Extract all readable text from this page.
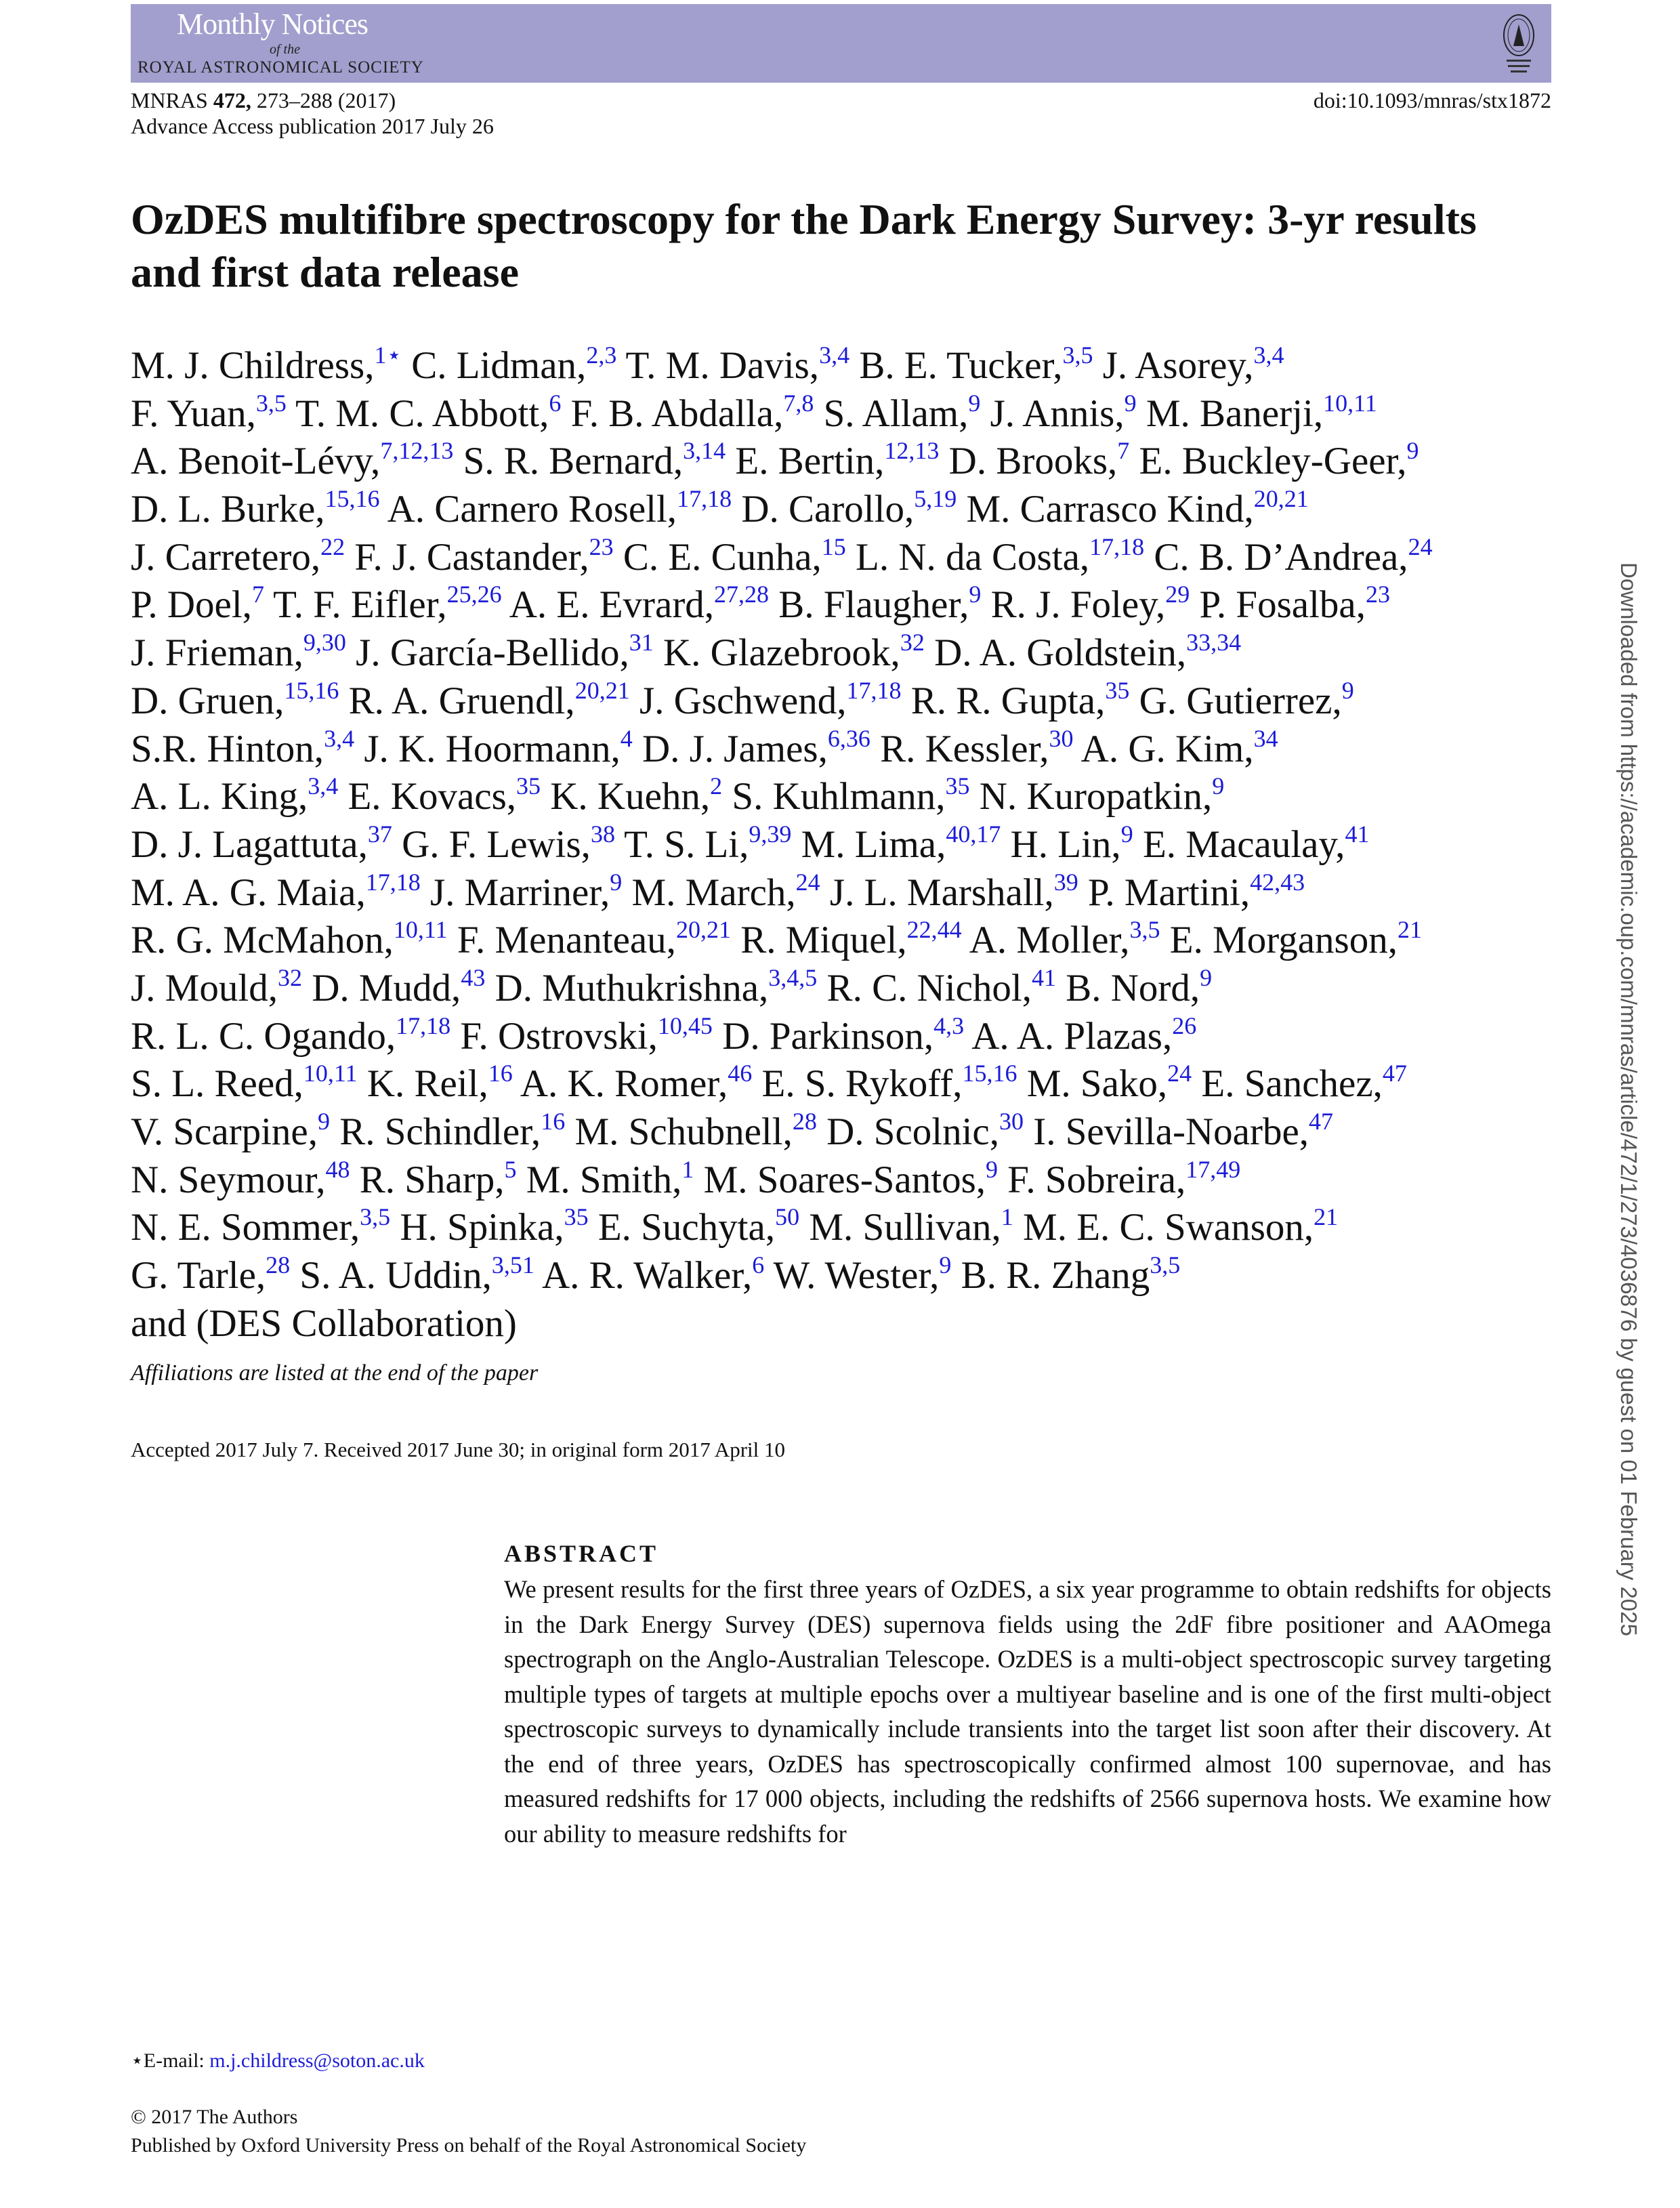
Monthly Notices
of the
ROYAL ASTRONOMICAL SOCIETY
MNRAS 472, 273–288 (2017)	doi:10.1093/mnras/stx1872
Advance Access publication 2017 July 26
OzDES multifibre spectroscopy for the Dark Energy Survey: 3-yr results and first data release
M. J. Childress,$^{1⋆}$ C. Lidman,$^{2,3}$ T. M. Davis,$^{3,4}$ B. E. Tucker,$^{3,5}$ J. Asorey,$^{3,4}$
F. Yuan,$^{3,5}$ T. M. C. Abbott,$^6$ F. B. Abdalla,$^{7,8}$ S. Allam,$^9$ J. Annis,$^9$ M. Banerji,$^{10,11}$
A. Benoit-Lévy,$^{7,12,13}$ S. R. Bernard,$^{3,14}$ E. Bertin,$^{12,13}$ D. Brooks,$^7$ E. Buckley-Geer,$^9$
D. L. Burke,$^{15,16}$ A. Carnero Rosell,$^{17,18}$ D. Carollo,$^{5,19}$ M. Carrasco Kind,$^{20,21}$
J. Carretero,$^{22}$ F. J. Castander,$^{23}$ C. E. Cunha,$^{15}$ L. N. da Costa,$^{17,18}$ C. B. D’Andrea,$^{24}$
P. Doel,$^7$ T. F. Eifler,$^{25,26}$ A. E. Evrard,$^{27,28}$ B. Flaugher,$^9$ R. J. Foley,$^{29}$ P. Fosalba,$^{23}$
J. Frieman,$^{9,30}$ J. García-Bellido,$^{31}$ K. Glazebrook,$^{32}$ D. A. Goldstein,$^{33,34}$
D. Gruen,$^{15,16}$ R. A. Gruendl,$^{20,21}$ J. Gschwend,$^{17,18}$ R. R. Gupta,$^{35}$ G. Gutierrez,$^9$
S.R. Hinton,$^{3,4}$ J. K. Hoormann,$^4$ D. J. James,$^{6,36}$ R. Kessler,$^{30}$ A. G. Kim,$^{34}$
A. L. King,$^{3,4}$ E. Kovacs,$^{35}$ K. Kuehn,$^2$ S. Kuhlmann,$^{35}$ N. Kuropatkin,$^9$
D. J. Lagattuta,$^{37}$ G. F. Lewis,$^{38}$ T. S. Li,$^{9,39}$ M. Lima,$^{40,17}$ H. Lin,$^9$ E. Macaulay,$^{41}$
M. A. G. Maia,$^{17,18}$ J. Marriner,$^9$ M. March,$^{24}$ J. L. Marshall,$^{39}$ P. Martini,$^{42,43}$
R. G. McMahon,$^{10,11}$ F. Menanteau,$^{20,21}$ R. Miquel,$^{22,44}$ A. Moller,$^{3,5}$ E. Morganson,$^{21}$
J. Mould,$^{32}$ D. Mudd,$^{43}$ D. Muthukrishna,$^{3,4,5}$ R. C. Nichol,$^{41}$ B. Nord,$^9$
R. L. C. Ogando,$^{17,18}$ F. Ostrovski,$^{10,45}$ D. Parkinson,$^{4,3}$ A. A. Plazas,$^{26}$
S. L. Reed,$^{10,11}$ K. Reil,$^{16}$ A. K. Romer,$^{46}$ E. S. Rykoff,$^{15,16}$ M. Sako,$^{24}$ E. Sanchez,$^{47}$
V. Scarpine,$^9$ R. Schindler,$^{16}$ M. Schubnell,$^{28}$ D. Scolnic,$^{30}$ I. Sevilla-Noarbe,$^{47}$
N. Seymour,$^{48}$ R. Sharp,$^5$ M. Smith,$^1$ M. Soares-Santos,$^9$ F. Sobreira,$^{17,49}$
N. E. Sommer,$^{3,5}$ H. Spinka,$^{35}$ E. Suchyta,$^{50}$ M. Sullivan,$^1$ M. E. C. Swanson,$^{21}$
G. Tarle,$^{28}$ S. A. Uddin,$^{3,51}$ A. R. Walker,$^6$ W. Wester,$^9$ B. R. Zhang$^{3,5}$
and (DES Collaboration)
Affiliations are listed at the end of the paper
Accepted 2017 July 7. Received 2017 June 30; in original form 2017 April 10
ABSTRACT
We present results for the first three years of OzDES, a six year programme to obtain redshifts for objects in the Dark Energy Survey (DES) supernova fields using the 2dF fibre positioner and AAOmega spectrograph on the Anglo-Australian Telescope. OzDES is a multi-object spectroscopic survey targeting multiple types of targets at multiple epochs over a multiyear baseline and is one of the first multi-object spectroscopic surveys to dynamically include transients into the target list soon after their discovery. At the end of three years, OzDES has spectroscopically confirmed almost 100 supernovae, and has measured redshifts for 17 000 objects, including the redshifts of 2566 supernova hosts. We examine how our ability to measure redshifts for
⋆E-mail: m.j.childress@soton.ac.uk
© 2017 The Authors
Published by Oxford University Press on behalf of the Royal Astronomical Society
Downloaded from https://academic.oup.com/mnras/article/472/1/273/4036876 by guest on 01 February 2025
